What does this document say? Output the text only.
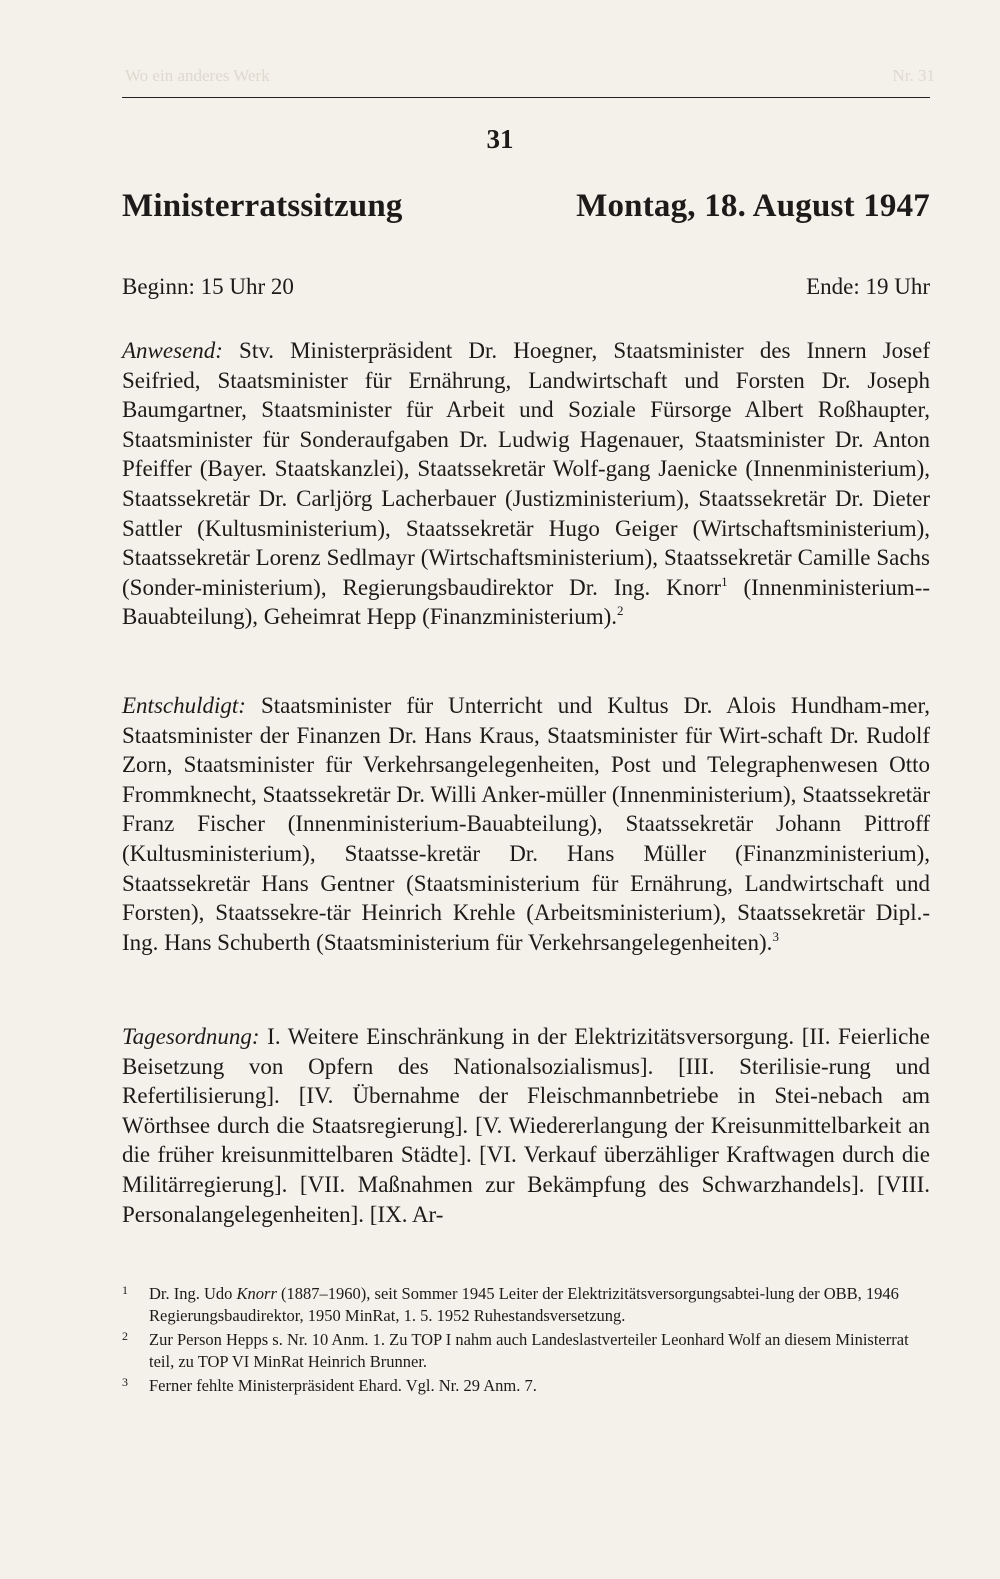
Wo ein anderes Werk	Nr. 31
31
Ministerratssitzung	Montag, 18. August 1947
Beginn: 15 Uhr 20	Ende: 19 Uhr
Anwesend: Stv. Ministerpräsident Dr. Hoegner, Staatsminister des Innern Josef Seifried, Staatsminister für Ernährung, Landwirtschaft und Forsten Dr. Joseph Baumgartner, Staatsminister für Arbeit und Soziale Fürsorge Albert Roßhaupter, Staatsminister für Sonderaufgaben Dr. Ludwig Hagenauer, Staatsminister Dr. Anton Pfeiffer (Bayer. Staatskanzlei), Staatssekretär Wolf-gang Jaenicke (Innenministerium), Staatssekretär Dr. Carljörg Lacherbauer (Justizministerium), Staatssekretär Dr. Dieter Sattler (Kultusministerium), Staatssekretär Hugo Geiger (Wirtschaftsministerium), Staatssekretär Lorenz Sedlmayr (Wirtschaftsministerium), Staatssekretär Camille Sachs (Sonder-ministerium), Regierungsbaudirektor Dr. Ing. Knorr$^1$ (Innenministerium-Bauabteilung), Geheimrat Hepp (Finanzministerium).$^2$
Entschuldigt: Staatsminister für Unterricht und Kultus Dr. Alois Hundham-mer, Staatsminister der Finanzen Dr. Hans Kraus, Staatsminister für Wirt-schaft Dr. Rudolf Zorn, Staatsminister für Verkehrsangelegenheiten, Post und Telegraphenwesen Otto Frommknecht, Staatssekretär Dr. Willi Anker-müller (Innenministerium), Staatssekretär Franz Fischer (Innenministerium-Bauabteilung), Staatssekretär Johann Pittroff (Kultusministerium), Staatsse-kretär Dr. Hans Müller (Finanzministerium), Staatssekretär Hans Gentner (Staatsministerium für Ernährung, Landwirtschaft und Forsten), Staatssekre-tär Heinrich Krehle (Arbeitsministerium), Staatssekretär Dipl.-Ing. Hans Schuberth (Staatsministerium für Verkehrsangelegenheiten).$^3$
Tagesordnung: I. Weitere Einschränkung in der Elektrizitätsversorgung. [II. Feierliche Beisetzung von Opfern des Nationalsozialismus]. [III. Sterilisie-rung und Refertilisierung]. [IV. Übernahme der Fleischmannbetriebe in Stei-nebach am Wörthsee durch die Staatsregierung]. [V. Wiedererlangung der Kreisunmittelbarkeit an die früher kreisunmittelbaren Städte]. [VI. Verkauf überzähliger Kraftwagen durch die Militärregierung]. [VII. Maßnahmen zur Bekämpfung des Schwarzhandels]. [VIII. Personalangelegenheiten]. [IX. Ar-
1 Dr. Ing. Udo Knorr (1887–1960), seit Sommer 1945 Leiter der Elektrizitätsversorgungsabtei-lung der OBB, 1946 Regierungsbaudirektor, 1950 MinRat, 1. 5. 1952 Ruhestandsversetzung.
2 Zur Person Hepps s. Nr. 10 Anm. 1. Zu TOP I nahm auch Landeslastverteiler Leonhard Wolf an diesem Ministerrat teil, zu TOP VI MinRat Heinrich Brunner.
3 Ferner fehlte Ministerpräsident Ehard. Vgl. Nr. 29 Anm. 7.
